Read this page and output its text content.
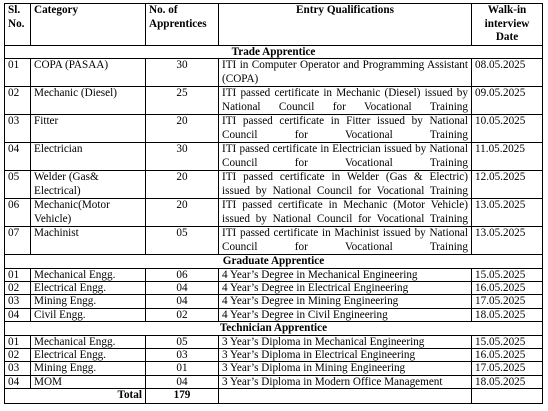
Sl. No.	Category	No. of Apprentices	Entry Qualifications	Walk-in interview Date
Trade Apprentice				
01	COPA (PASAA)	30	ITI in Computer Operator and Programming Assistant (COPA)	08.05.2025
02	Mechanic (Diesel)	25	ITI passed certificate in Mechanic (Diesel) issued by National Council for Vocational Training	09.05.2025
03	Fitter	20	ITI passed certificate in Fitter issued by National Council for Vocational Training	10.05.2025
04	Electrician	30	ITI passed certificate in Electrician issued by National Council for Vocational Training	11.05.2025
05	Welder (Gas& Electrical)	20	ITI passed certificate in Welder (Gas & Electric) issued by National Council for Vocational Training	12.05.2025
06	Mechanic(Motor Vehicle)	20	ITI passed certificate in Mechanic (Motor Vehicle) issued by National Council for Vocational Training	13.05.2025
07	Machinist	05	ITI passed certificate in Machinist issued by National Council for Vocational Training	13.05.2025
Graduate Apprentice				
01	Mechanical Engg.	06	4 Year’s Degree in Mechanical Engineering	15.05.2025
02	Electrical Engg.	04	4 Year’s Degree in Electrical Engineering	16.05.2025
03	Mining Engg.	04	4 Year’s Degree in Mining Engineering	17.05.2025
04	Civil Engg.	02	4 Year’s Degree in Civil Engineering	18.05.2025
Technician Apprentice				
01	Mechanical Engg.	05	3 Year’s Diploma in Mechanical Engineering	15.05.2025
02	Electrical Engg.	03	3 Year’s Diploma in Electrical Engineering	16.05.2025
03	Mining Engg.	01	3 Year’s Diploma in Mining Engineering	17.05.2025
04	MOM	04	3 Year’s Diploma in Modern Office Management	18.05.2025
Total		179		
